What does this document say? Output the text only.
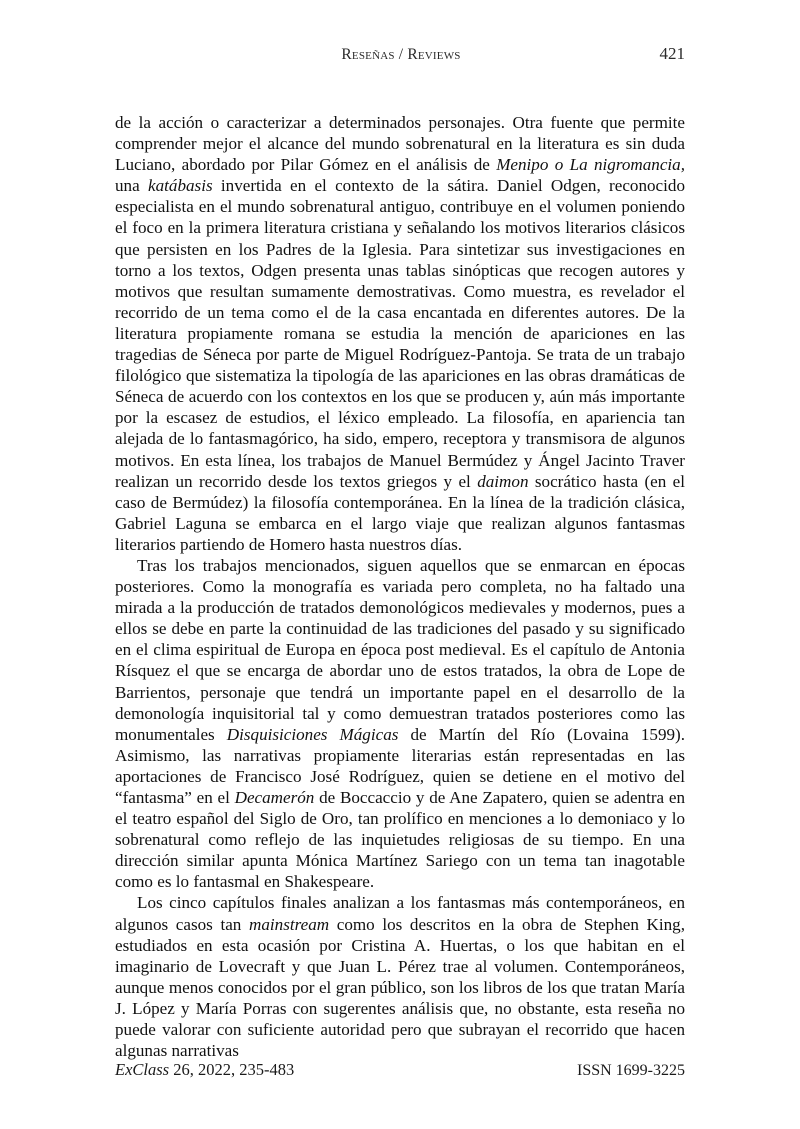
Reseñas / Reviews	421

de la acción o caracterizar a determinados personajes. Otra fuente que permite comprender mejor el alcance del mundo sobrenatural en la literatura es sin duda Luciano, abordado por Pilar Gómez en el análisis de Menipo o La nigromancia, una katábasis invertida en el contexto de la sátira. Daniel Odgen, reconocido especialista en el mundo sobrenatural antiguo, contribuye en el volumen poniendo el foco en la primera literatura cristiana y señalando los motivos literarios clásicos que persisten en los Padres de la Iglesia. Para sintetizar sus investigaciones en torno a los textos, Odgen presenta unas tablas sinópticas que recogen autores y motivos que resultan sumamente demostrativas. Como muestra, es revelador el recorrido de un tema como el de la casa encantada en diferentes autores. De la literatura propiamente romana se estudia la mención de apariciones en las tragedias de Séneca por parte de Miguel Rodríguez-Pantoja. Se trata de un trabajo filológico que sistematiza la tipología de las apariciones en las obras dramáticas de Séneca de acuerdo con los contextos en los que se producen y, aún más importante por la escasez de estudios, el léxico empleado. La filosofía, en apariencia tan alejada de lo fantasmagórico, ha sido, empero, receptora y transmisora de algunos motivos. En esta línea, los trabajos de Manuel Bermúdez y Ángel Jacinto Traver realizan un recorrido desde los textos griegos y el daimon socrático hasta (en el caso de Bermúdez) la filosofía contemporánea. En la línea de la tradición clásica, Gabriel Laguna se embarca en el largo viaje que realizan algunos fantasmas literarios partiendo de Homero hasta nuestros días.

Tras los trabajos mencionados, siguen aquellos que se enmarcan en épocas posteriores. Como la monografía es variada pero completa, no ha faltado una mirada a la producción de tratados demonológicos medievales y modernos, pues a ellos se debe en parte la continuidad de las tradiciones del pasado y su significado en el clima espiritual de Europa en época post medieval. Es el capítulo de Antonia Rísquez el que se encarga de abordar uno de estos tratados, la obra de Lope de Barrientos, personaje que tendrá un importante papel en el desarrollo de la demonología inquisitorial tal y como demuestran tratados posteriores como las monumentales Disquisiciones Mágicas de Martín del Río (Lovaina 1599). Asimismo, las narrativas propiamente literarias están representadas en las aportaciones de Francisco José Rodríguez, quien se detiene en el motivo del “fantasma” en el Decamerón de Boccaccio y de Ane Zapatero, quien se adentra en el teatro español del Siglo de Oro, tan prolífico en menciones a lo demoniaco y lo sobrenatural como reflejo de las inquietudes religiosas de su tiempo. En una dirección similar apunta Mónica Martínez Sariego con un tema tan inagotable como es lo fantasmal en Shakespeare.

Los cinco capítulos finales analizan a los fantasmas más contemporáneos, en algunos casos tan mainstream como los descritos en la obra de Stephen King, estudiados en esta ocasión por Cristina A. Huertas, o los que habitan en el imaginario de Lovecraft y que Juan L. Pérez trae al volumen. Contemporáneos, aunque menos conocidos por el gran público, son los libros de los que tratan María J. López y María Porras con sugerentes análisis que, no obstante, esta reseña no puede valorar con suficiente autoridad pero que subrayan el recorrido que hacen algunas narrativas

ExClass 26, 2022, 235-483	ISSN 1699-3225
